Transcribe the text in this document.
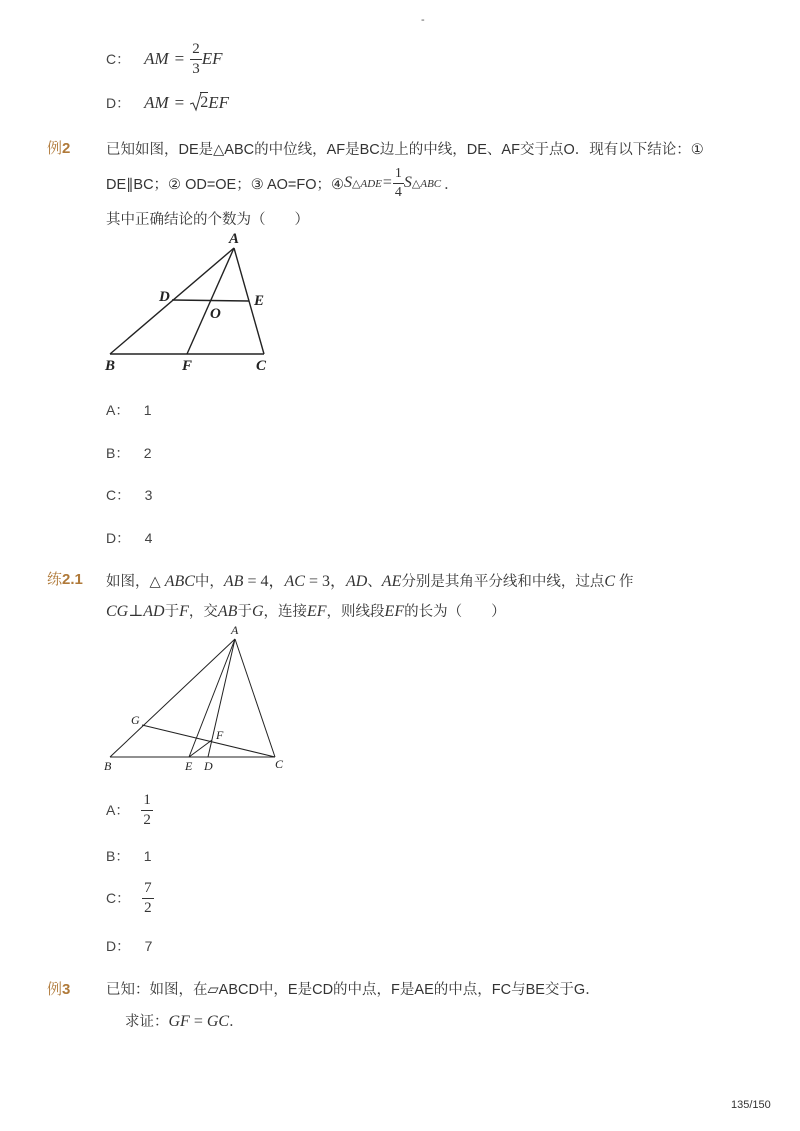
-
C： AM = $\frac{2}{3}$ EF
D： AM =	2 EF
例2 已知如图，DE是△ABC的中位线，AF是BC边上的中线，DE、AF交于点O．现有以下结论：①
DE∥BC；② OD=OE；③ AO=FO；④ S △ADE = $\frac{1}{4}$ S △ABC ．
其中正确结论的个数为（　　）
A
B	C
D	E
F
O
A： 1
B： 2
C： 3
D： 4
练2.1 如图，△ ABC中，AB = 4，AC = 3，AD、AE分别是其角平分线和中线，过点C 作
CG⊥AD于F，交AB于G，连接EF，则线段EF的长为（　　）
A
B	C
D
E
F
G
A： $\frac{1}{2}$
B： 1
C： $\frac{7}{2}$
D： 7
例3 已知：如图，在▱ABCD中，E是CD的中点，F是AE的中点，FC与BE交于G．
求证：GF = GC．
135/150
